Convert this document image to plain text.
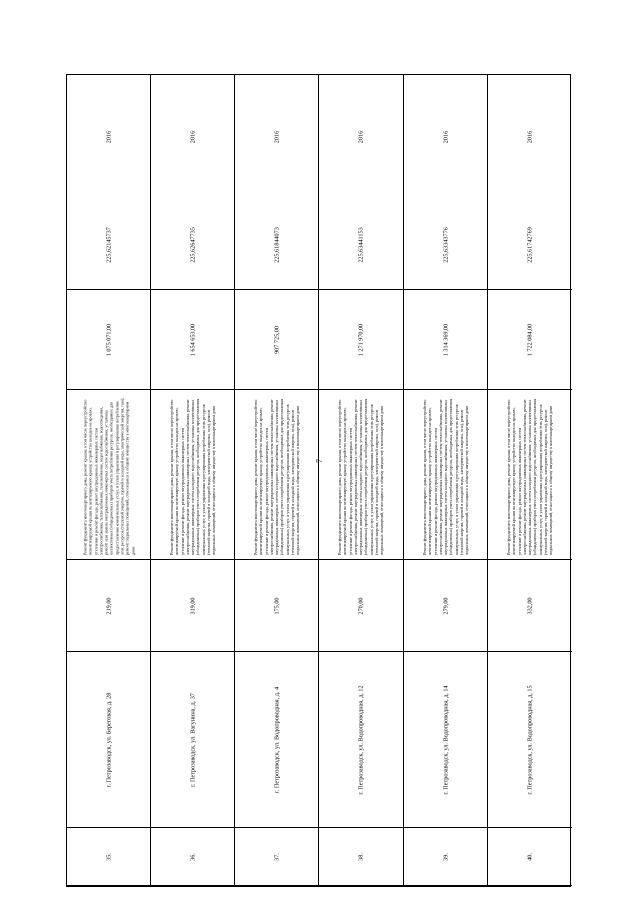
7
35.
г. Петрозаводск, ул. Береговая, д. 28
219,00
Ремонт фундамента многоквартирного дома, ремонт крыши, в том числе переустройство невентилируемой крыши на вентилируемую крышу, устройство выходов на кровлю, утепление и ремонт фасада, ремонт внутридомовых инженерных систем электроснабжения, теплоснабжения, газоснабжения, водоснабжения, водоотведения, ремонт или замена внутридомовых инженерных систем водоснабжения, установка коллективных (общедомовых) приборов учета потребления ресурсов, необходимых для предоставления коммунальных услуг, и узлов управления и регулирования потребления этих ресурсов (тепловой энергии, горячей и холодной воды, электрической энергии, газа), ремонт подвальных помещений, относящихся к общему имуществу в многоквартирном доме
1 075 071,00
225,62145737
2016
36.
г. Петрозаводск, ул. Вагунина, д. 37
319,00
Ремонт фундамента многоквартирного дома, ремонт крыши, в том числе переустройство невентилируемой крыши на вентилируемую крышу, устройство выходов на кровлю, утепление и ремонт фасада, ремонт внутридомовых инженерных систем электроснабжения, ремонт внутридомовых инженерных систем теплоснабжения, ремонт внутридомовых инженерных систем холодного водоснабжения, установка коллективных (общедомовых) приборов учета потребления ресурсов, необходимых для предоставления коммунальных услуг, и узлов управления и регулирования потребления этих ресурсов (тепловой энергии, горячей и холодной воды, электрической энергии, газа), ремонт подвальных помещений, относящихся к общему имуществу в многоквартирном доме
1 654 653,00
225,62647735
2016
37.
г. Петрозаводск, ул. Водопроводная, д. 4
175,00
Ремонт фундамента многоквартирного дома, ремонт крыши, в том числе переустройство невентилируемой крыши на вентилируемую крышу, устройство выходов на кровлю, утепление и ремонт фасада, ремонт внутридомовых инженерных систем электроснабжения, ремонт внутридомовых инженерных систем теплоснабжения, ремонт внутридомовых инженерных систем холодного водоснабжения, установка коллективных (общедомовых) приборов учета потребления ресурсов, необходимых для предоставления коммунальных услуг, и узлов управления и регулирования потребления этих ресурсов (тепловой энергии, горячей и холодной воды, электрической энергии, газа), ремонт подвальных помещений, относящихся к общему имуществу в многоквартирном доме
907 725,00
225,61844073
2016
38.
г. Петрозаводск, ул. Водопроводная, д. 12
270,00
Ремонт фундамента многоквартирного дома, ремонт крыши, в том числе переустройство невентилируемой крыши на вентилируемую крышу, устройство выходов на кровлю, утепление и ремонт фасада, ремонт внутридомовых инженерных систем электроснабжения, ремонт внутридомовых инженерных систем теплоснабжения, ремонт внутридомовых инженерных систем холодного водоснабжения, установка коллективных (общедомовых) приборов учета потребления ресурсов, необходимых для предоставления коммунальных услуг, и узлов управления и регулирования потребления этих ресурсов (тепловой энергии, горячей и холодной воды, электрической энергии, газа), ремонт подвальных помещений, относящихся к общему имуществу в многоквартирном доме
1 271 970,00
225,63441153
2016
39.
г. Петрозаводск, ул. Водопроводная, д. 14
279,00
Ремонт фундамента многоквартирного дома, ремонт крыши, в том числе переустройство невентилируемой крыши на вентилируемую крышу, устройство выходов на кровлю, утепление и ремонт фасада, ремонт внутридомовых инженерных систем электроснабжения, ремонт внутридомовых инженерных систем теплоснабжения, ремонт внутридомовых инженерных систем холодного водоснабжения, установка коллективных (общедомовых) приборов учета потребления ресурсов, необходимых для предоставления коммунальных услуг, и узлов управления и регулирования потребления этих ресурсов (тепловой энергии, горячей и холодной воды, электрической энергии, газа), ремонт подвальных помещений, относящихся к общему имуществу в многоквартирном доме
1 314 369,00
225,63343776
2016
40.
г. Петрозаводск, ул. Водопроводная, д. 15
332,00
Ремонт фундамента многоквартирного дома, ремонт крыши, в том числе переустройство невентилируемой крыши на вентилируемую крышу, устройство выходов на кровлю, утепление и ремонт фасада, ремонт внутридомовых инженерных систем электроснабжения, ремонт внутридомовых инженерных систем теплоснабжения, ремонт внутридомовых инженерных систем холодного водоснабжения, установка коллективных (общедомовых) приборов учета потребления ресурсов, необходимых для предоставления коммунальных услуг, и узлов управления и регулирования потребления этих ресурсов (тепловой энергии, горячей и холодной воды, электрической энергии, газа), ремонт подвальных помещений, относящихся к общему имуществу в многоквартирном доме
1 722 084,00
225,61742769
2016
